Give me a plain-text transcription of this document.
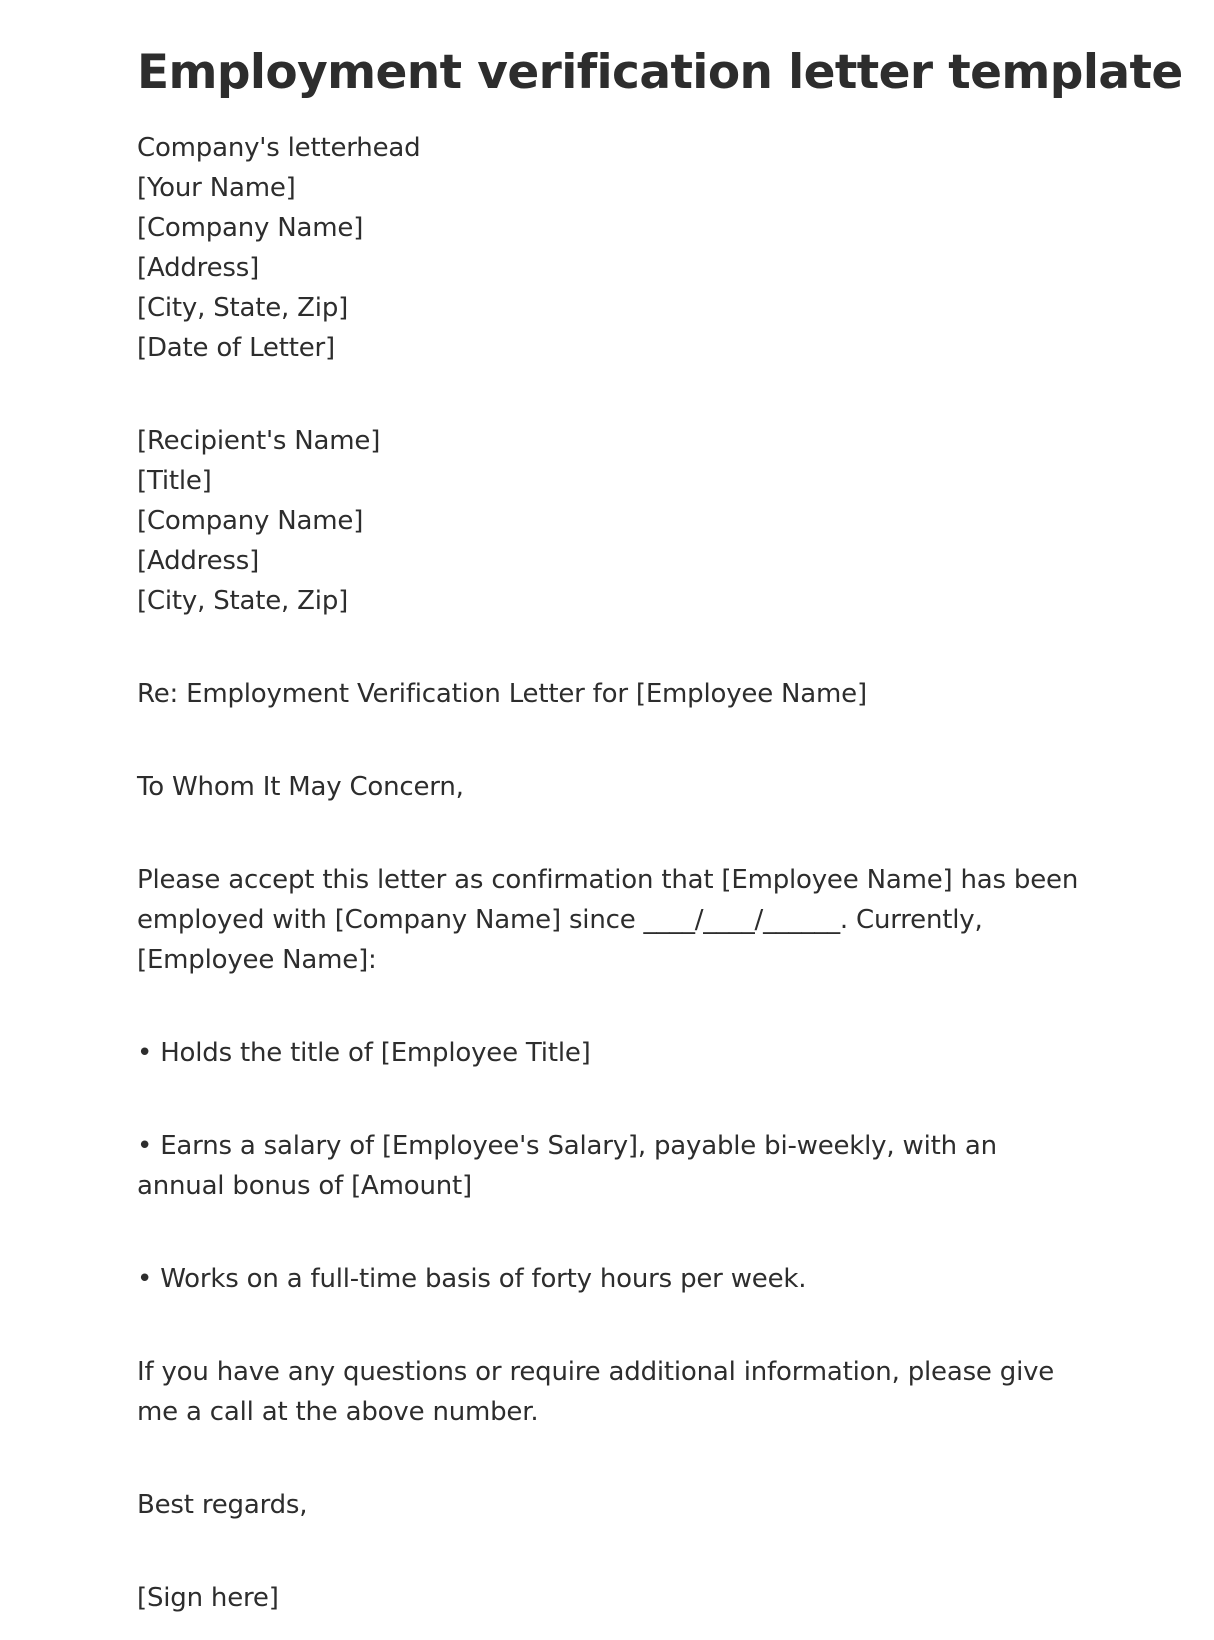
Employment verification letter template
Company's letterhead
[Your Name]
[Company Name]
[Address]
[City, State, Zip]
[Date of Letter]
[Recipient's Name]
[Title]
[Company Name]
[Address]
[City, State, Zip]

Re: Employment Verification Letter for [Employee Name]

To Whom It May Concern,

Please accept this letter as confirmation that [Employee Name] has been employed with [Company Name] since ____/____/______. Currently, [Employee Name]:

• Holds the title of [Employee Title]

• Earns a salary of [Employee's Salary], payable bi-weekly, with an annual bonus of [Amount]

• Works on a full-time basis of forty hours per week.

If you have any questions or require additional information, please give me a call at the above number.

Best regards,

[Sign here]
